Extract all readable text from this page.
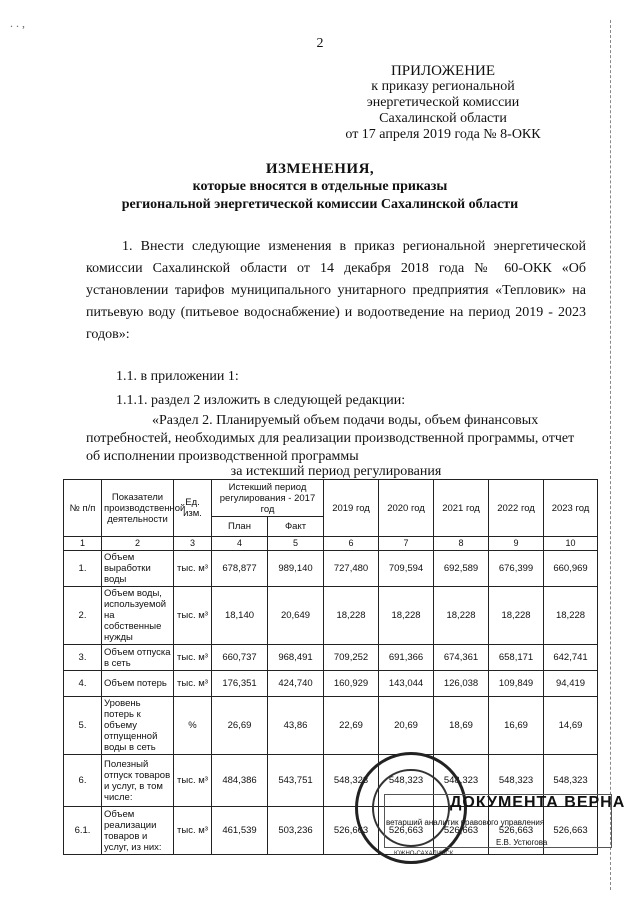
. . ,
2
ПРИЛОЖЕНИЕ
к приказу региональной
энергетической комиссии
Сахалинской области
от 17 апреля 2019 года № 8-ОКК
ИЗМЕНЕНИЯ,
которые вносятся в отдельные приказы
региональной энергетической комиссии Сахалинской области
1. Внести следующие изменения в приказ региональной энергетической комиссии Сахалинской области от 14 декабря 2018 года № 60-ОКК «Об установлении тарифов муниципального унитарного предприятия «Тепловик» на питьевую воду (питьевое водоснабжение) и водоотведение на период 2019 - 2023 годов»:
1.1. в приложении 1:
1.1.1. раздел 2 изложить в следующей редакции:
«Раздел 2. Планируемый объем подачи воды, объем финансовых потребностей, необходимых для реализации производственной программы, отчет об исполнении производственной программы
за истекший период регулирования
№ п/п	Показатели производственной деятельности	Ед. изм.	Истекший период регулирования - 2017 год		2019 год	2020 год	2021 год	2022 год	2023 год
			План	Факт					
1	2	3	4	5	6	7	8	9	10
1.	Объем выработки воды	тыс. м³	678,877	989,140	727,480	709,594	692,589	676,399	660,969
2.	Объем воды, используемой на собственные нужды	тыс. м³	18,140	20,649	18,228	18,228	18,228	18,228	18,228
3.	Объем отпуска в сеть	тыс. м³	660,737	968,491	709,252	691,366	674,361	658,171	642,741
4.	Объем потерь	тыс. м³	176,351	424,740	160,929	143,044	126,038	109,849	94,419
5.	Уровень потерь к объему отпущенной воды в сеть	%	26,69	43,86	22,69	20,69	18,69	16,69	14,69
6.	Полезный отпуск товаров и услуг, в том числе:	тыс. м³	484,386	543,751	548,323	548,323	548,323	548,323	548,323
6.1.	Объем реализации товаров и услуг, из них:	тыс. м³	461,539	503,236	526,663	526,663	526,663	526,663	526,663
ЮЖНО-САХАЛИНСК
ДОКУМЕНТА ВЕРНА
ветарший аналитик правового управления
Е.В. Устюгова
